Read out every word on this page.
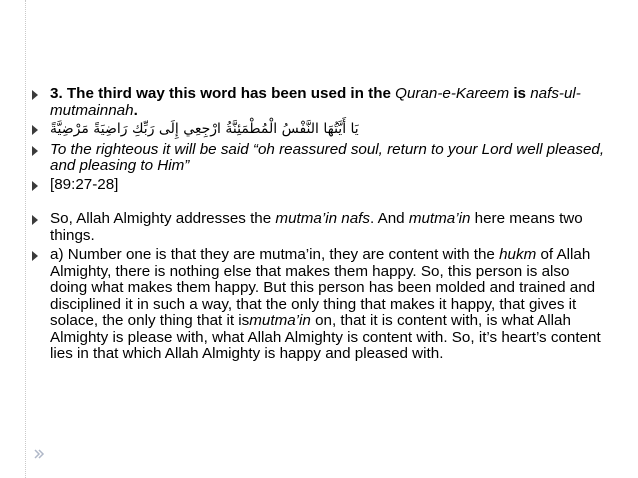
3. The third way this word has been used in the Quran-e-Kareem is nafs-ul-mutmainnah.
يَا أَيَّتُهَا النَّفْسُ الْمُطْمَئِنَّةُ ارْجِعِي إِلَى رَبِّكِ رَاضِيَةً مَرْضِيَّةً
To the righteous it will be said “oh reassured soul, return to your Lord well pleased, and pleasing to Him”
[89:27-28]
So, Allah Almighty addresses the mutma’in nafs. And mutma’in here means two things.
a) Number one is that they are mutma’in, they are content with the hukm of Allah Almighty, there is nothing else that makes them happy. So, this person is also doing what makes them happy. But this person has been molded and trained and disciplined it in such a way, that the only thing that makes it happy, that gives it solace, the only thing that it ismutma’in on, that it is content with, is what Allah Almighty is please with, what Allah Almighty is content with. So, it’s heart’s content lies in that which Allah Almighty is happy and pleased with.
